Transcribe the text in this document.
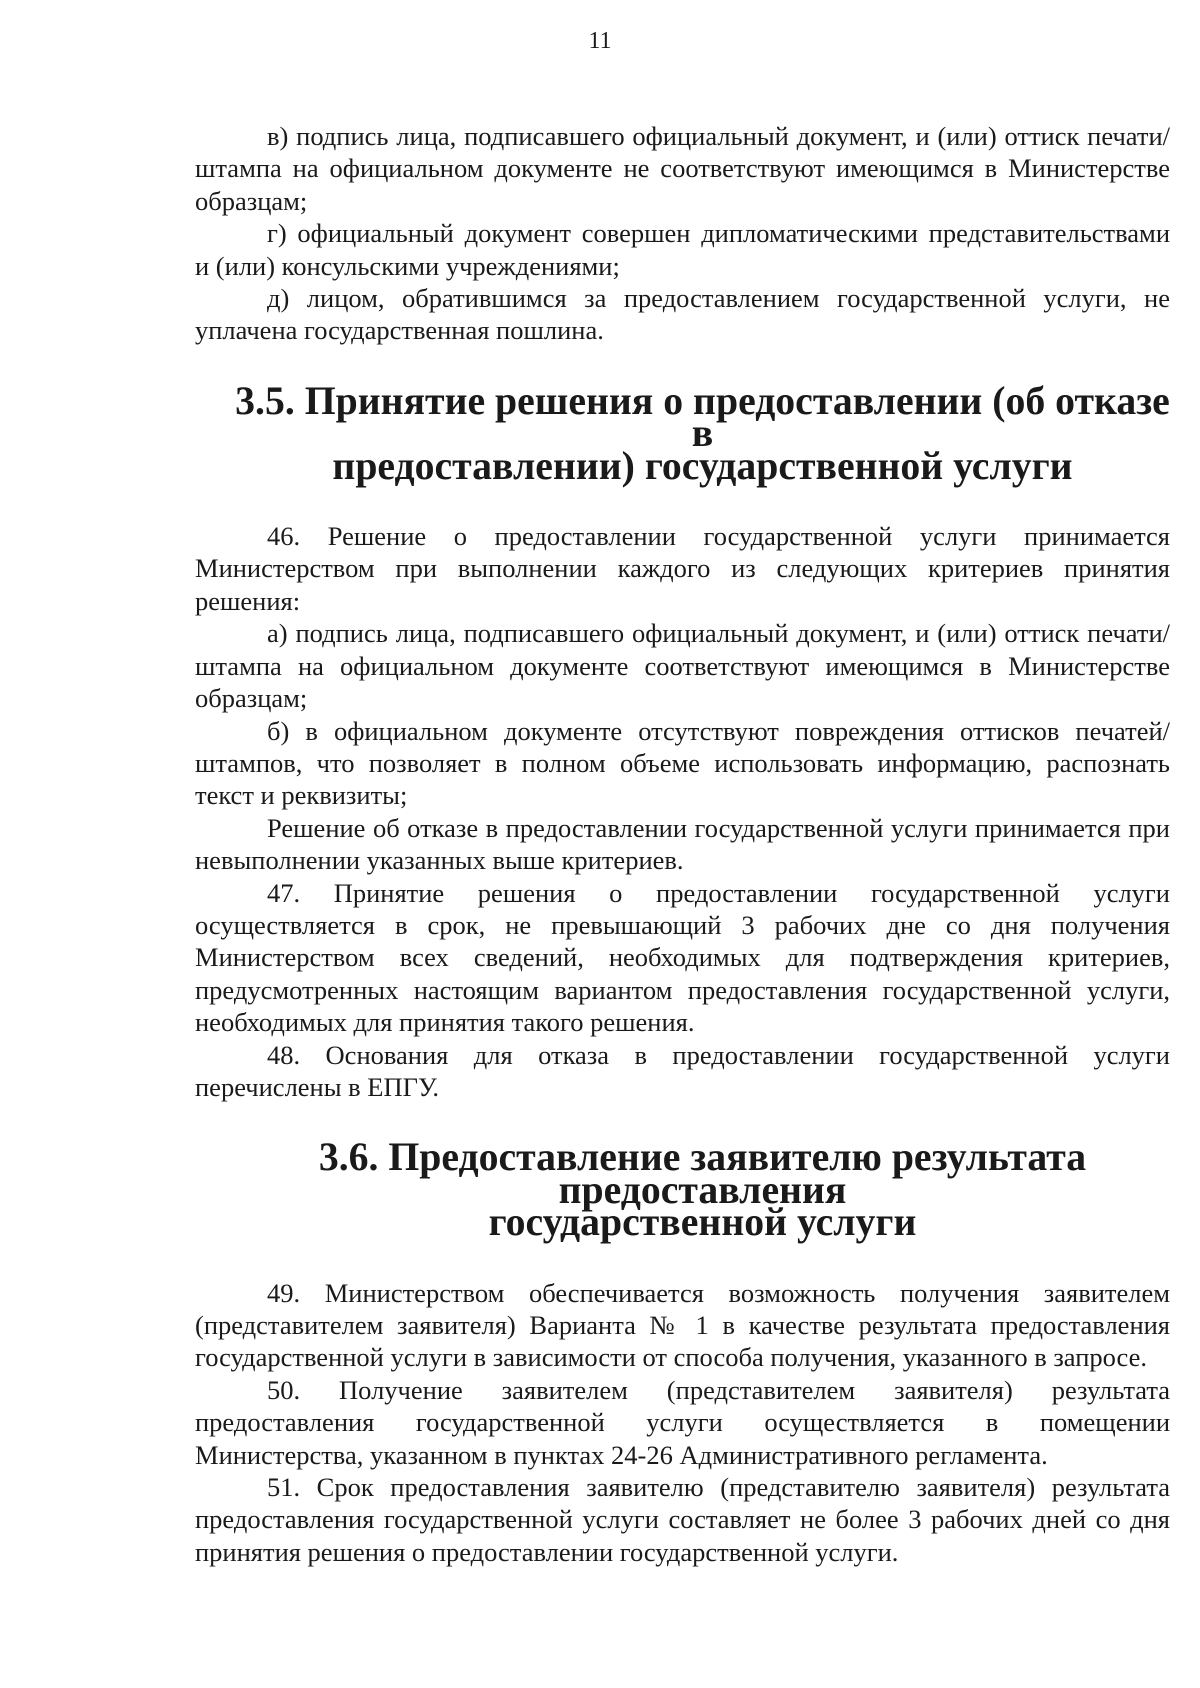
11

в) подпись лица, подписавшего официальный документ, и (или) оттиск печати/штампа на официальном документе не соответствуют имеющимся в Министерстве образцам;

г) официальный документ совершен дипломатическими представительствами и (или) консульскими учреждениями;

д) лицом, обратившимся за предоставлением государственной услуги, не уплачена государственная пошлина.

3.5. Принятие решения о предоставлении (об отказе в
предоставлении) государственной услуги

46. Решение о предоставлении государственной услуги принимается Министерством при выполнении каждого из следующих критериев принятия решения:

а) подпись лица, подписавшего официальный документ, и (или) оттиск печати/штампа на официальном документе соответствуют имеющимся в Министерстве образцам;

б) в официальном документе отсутствуют повреждения оттисков печатей/штампов, что позволяет в полном объеме использовать информацию, распознать текст и реквизиты;

Решение об отказе в предоставлении государственной услуги принимается при невыполнении указанных выше критериев.

47. Принятие решения о предоставлении государственной услуги осуществляется в срок, не превышающий 3 рабочих дне со дня получения Министерством всех сведений, необходимых для подтверждения критериев, предусмотренных настоящим вариантом предоставления государственной услуги, необходимых для принятия такого решения.

48. Основания для отказа в предоставлении государственной услуги перечислены в ЕПГУ.

3.6. Предоставление заявителю результата предоставления
государственной услуги

49. Министерством обеспечивается возможность получения заявителем (представителем заявителя) Варианта № 1 в качестве результата предоставления государственной услуги в зависимости от способа получения, указанного в запросе.

50. Получение заявителем (представителем заявителя) результата предоставления государственной услуги осуществляется в помещении Министерства, указанном в пунктах 24-26 Административного регламента.

51. Срок предоставления заявителю (представителю заявителя) результата предоставления государственной услуги составляет не более 3 рабочих дней со дня принятия решения о предоставлении государственной услуги.
